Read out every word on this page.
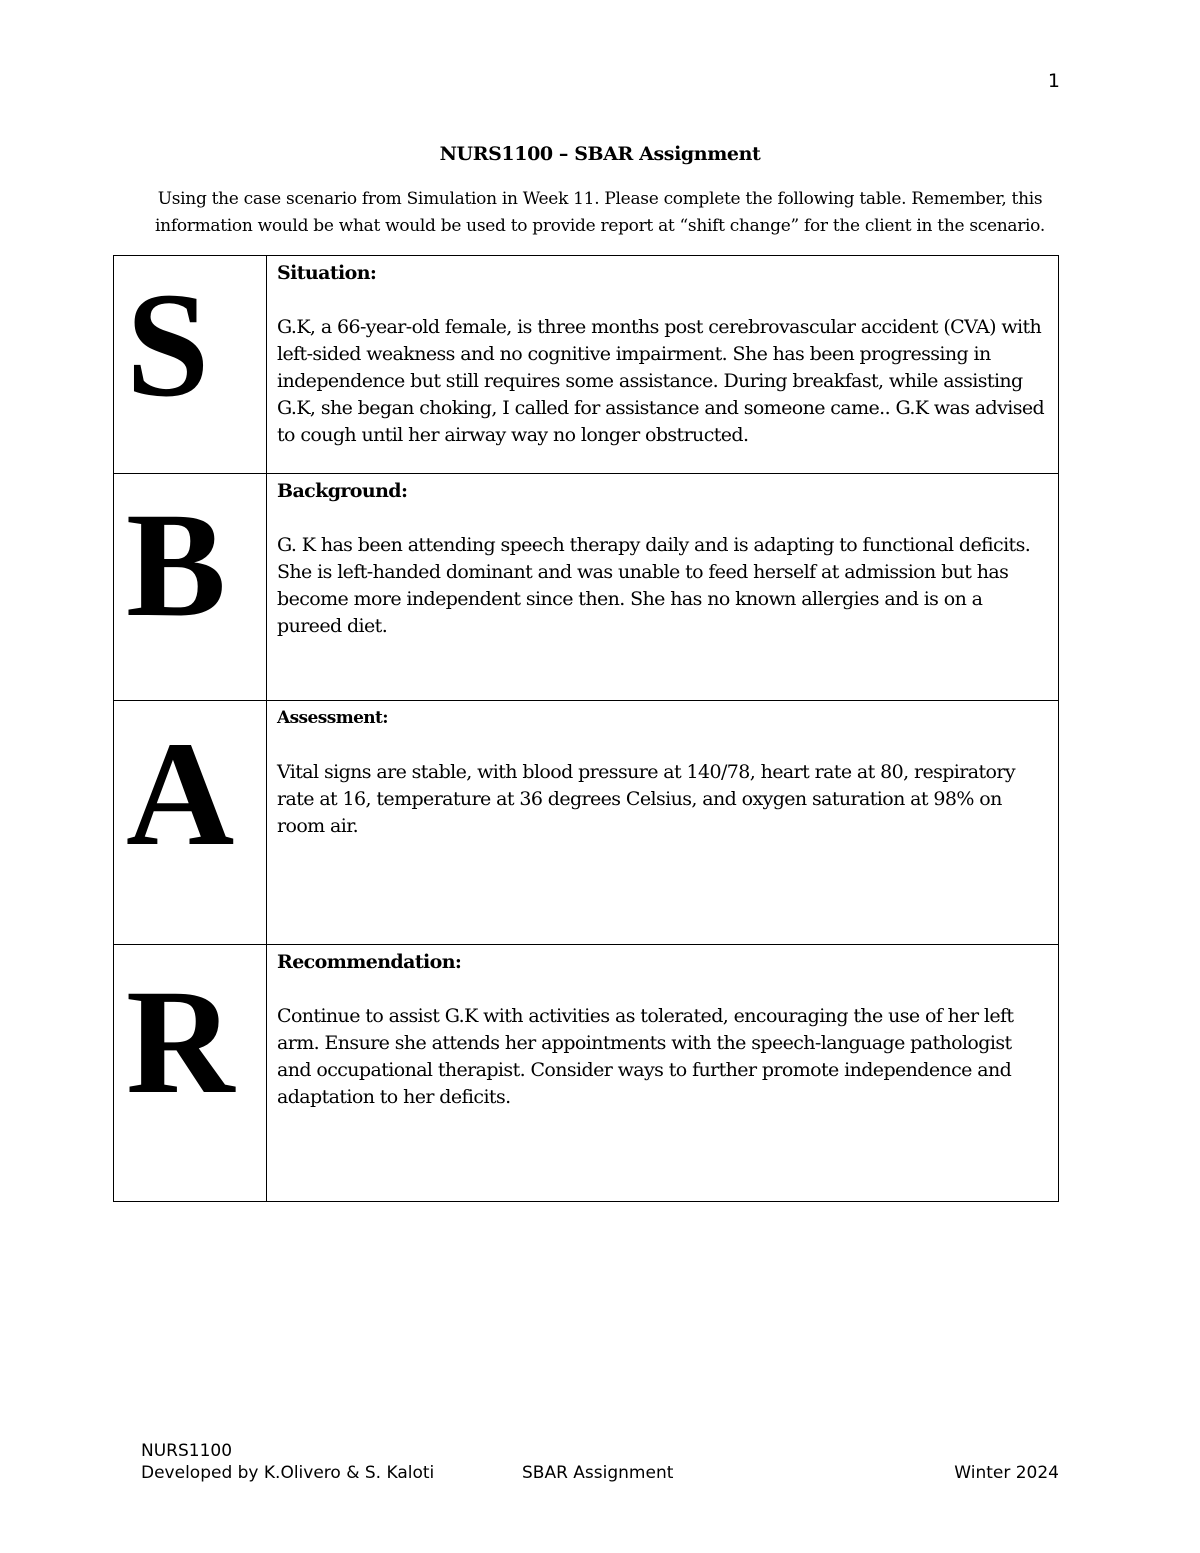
1
NURS1100 – SBAR Assignment
Using the case scenario from Simulation in Week 11. Please complete the following table. Remember, this information would be what would be used to provide report at “shift change” for the client in the scenario.
S	Situation:
G.K, a 66-year-old female, is three months post cerebrovascular accident (CVA) with left-sided weakness and no cognitive impairment. She has been progressing in independence but still requires some assistance. During breakfast, while assisting G.K, she began choking, I called for assistance and someone came.. G.K was advised to cough until her airway way no longer obstructed.

B	Background:
G. K has been attending speech therapy daily and is adapting to functional deficits. She is left-handed dominant and was unable to feed herself at admission but has become more independent since then. She has no known allergies and is on a pureed diet.

A	Assessment:
Vital signs are stable, with blood pressure at 140/78, heart rate at 80, respiratory rate at 16, temperature at 36 degrees Celsius, and oxygen saturation at 98% on room air.

R	Recommendation:
Continue to assist G.K with activities as tolerated, encouraging the use of her left arm. Ensure she attends her appointments with the speech-language pathologist and occupational therapist. Consider ways to further promote independence and adaptation to her deficits.
NURS1100
Developed by K.Olivero & S. Kaloti	SBAR Assignment	Winter 2024
